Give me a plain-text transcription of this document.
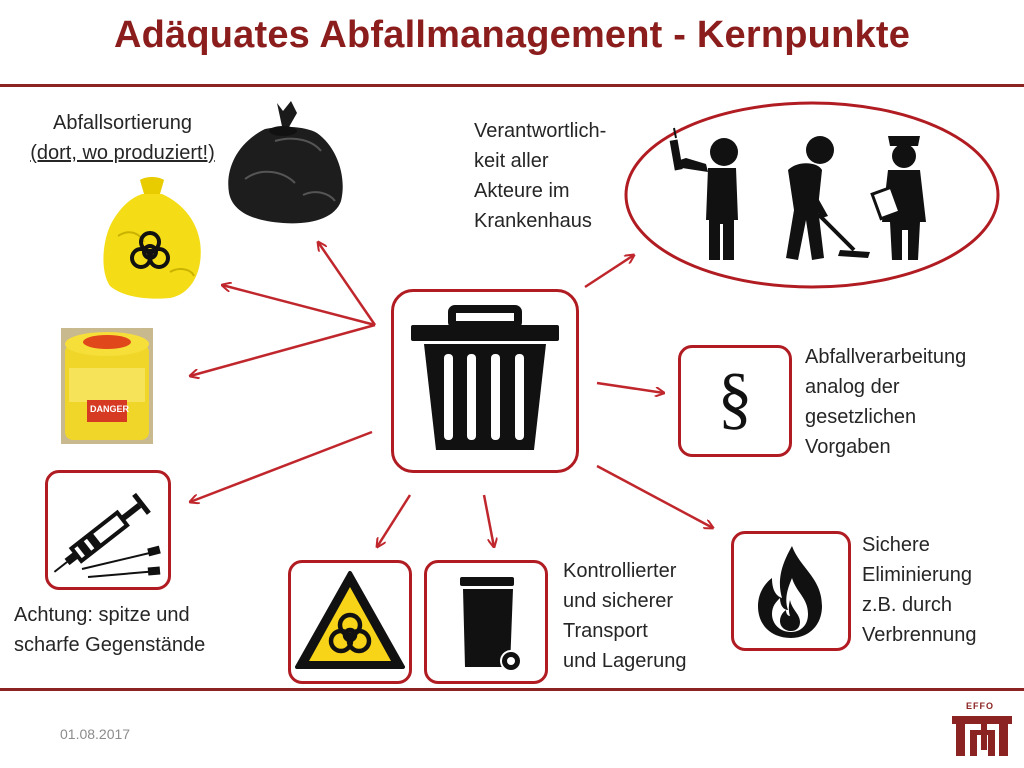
Adäquates Abfallmanagement - Kernpunkte
Abfallsortierung
(dort, wo produziert!)
DANGER
Achtung: spitze und
scharfe Gegenstände
Kontrollierter
und sicherer
Transport
und Lagerung
Verantwortlich-
keit aller
Akteure im
Krankenhaus
§
Abfallverarbeitung
analog der
gesetzlichen
Vorgaben
Sichere
Eliminierung
z.B. durch
Verbrennung
01.08.2017
EFFO
